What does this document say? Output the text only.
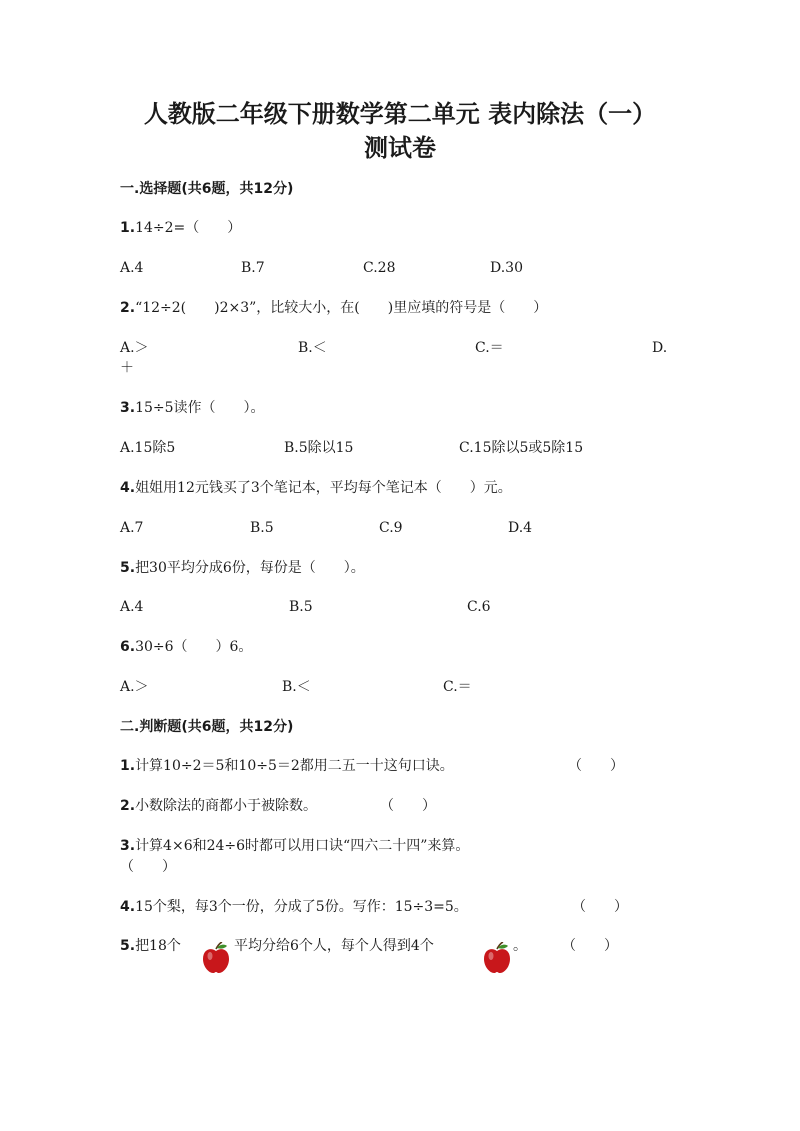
人教版二年级下册数学第二单元 表内除法（一）
测试卷
一.选择题(共6题，共12分)
1.14÷2=（　　）
A.4	B.7	C.28	D.30
2.“12÷2(　　)2×3”，比较大小，在(　　)里应填的符号是（　　）
A.＞	B.＜	C.＝	D.
＋
3.15÷5读作（　　）。
A.15除5	B.5除以15	C.15除以5或5除15
4.姐姐用12元钱买了3个笔记本，平均每个笔记本（　　）元。
A.7	B.5	C.9	D.4
5.把30平均分成6份，每份是（　　）。
A.4	B.5	C.6
6.30÷6（　　）6。
A.＞	B.＜	C.＝
二.判断题(共6题，共12分)
1.计算10÷2＝5和10÷5＝2都用二五一十这句口诀。	（　　）
2.小数除法的商都小于被除数。	（　　）
3.计算4×6和24÷6时都可以用口诀“四六二十四”来算。
（　　）
4.15个梨，每3个一份，分成了5份。写作：15÷3=5。	（　　）
5.把18个	平均分给6个人，每个人得到4个	。	（　　）
